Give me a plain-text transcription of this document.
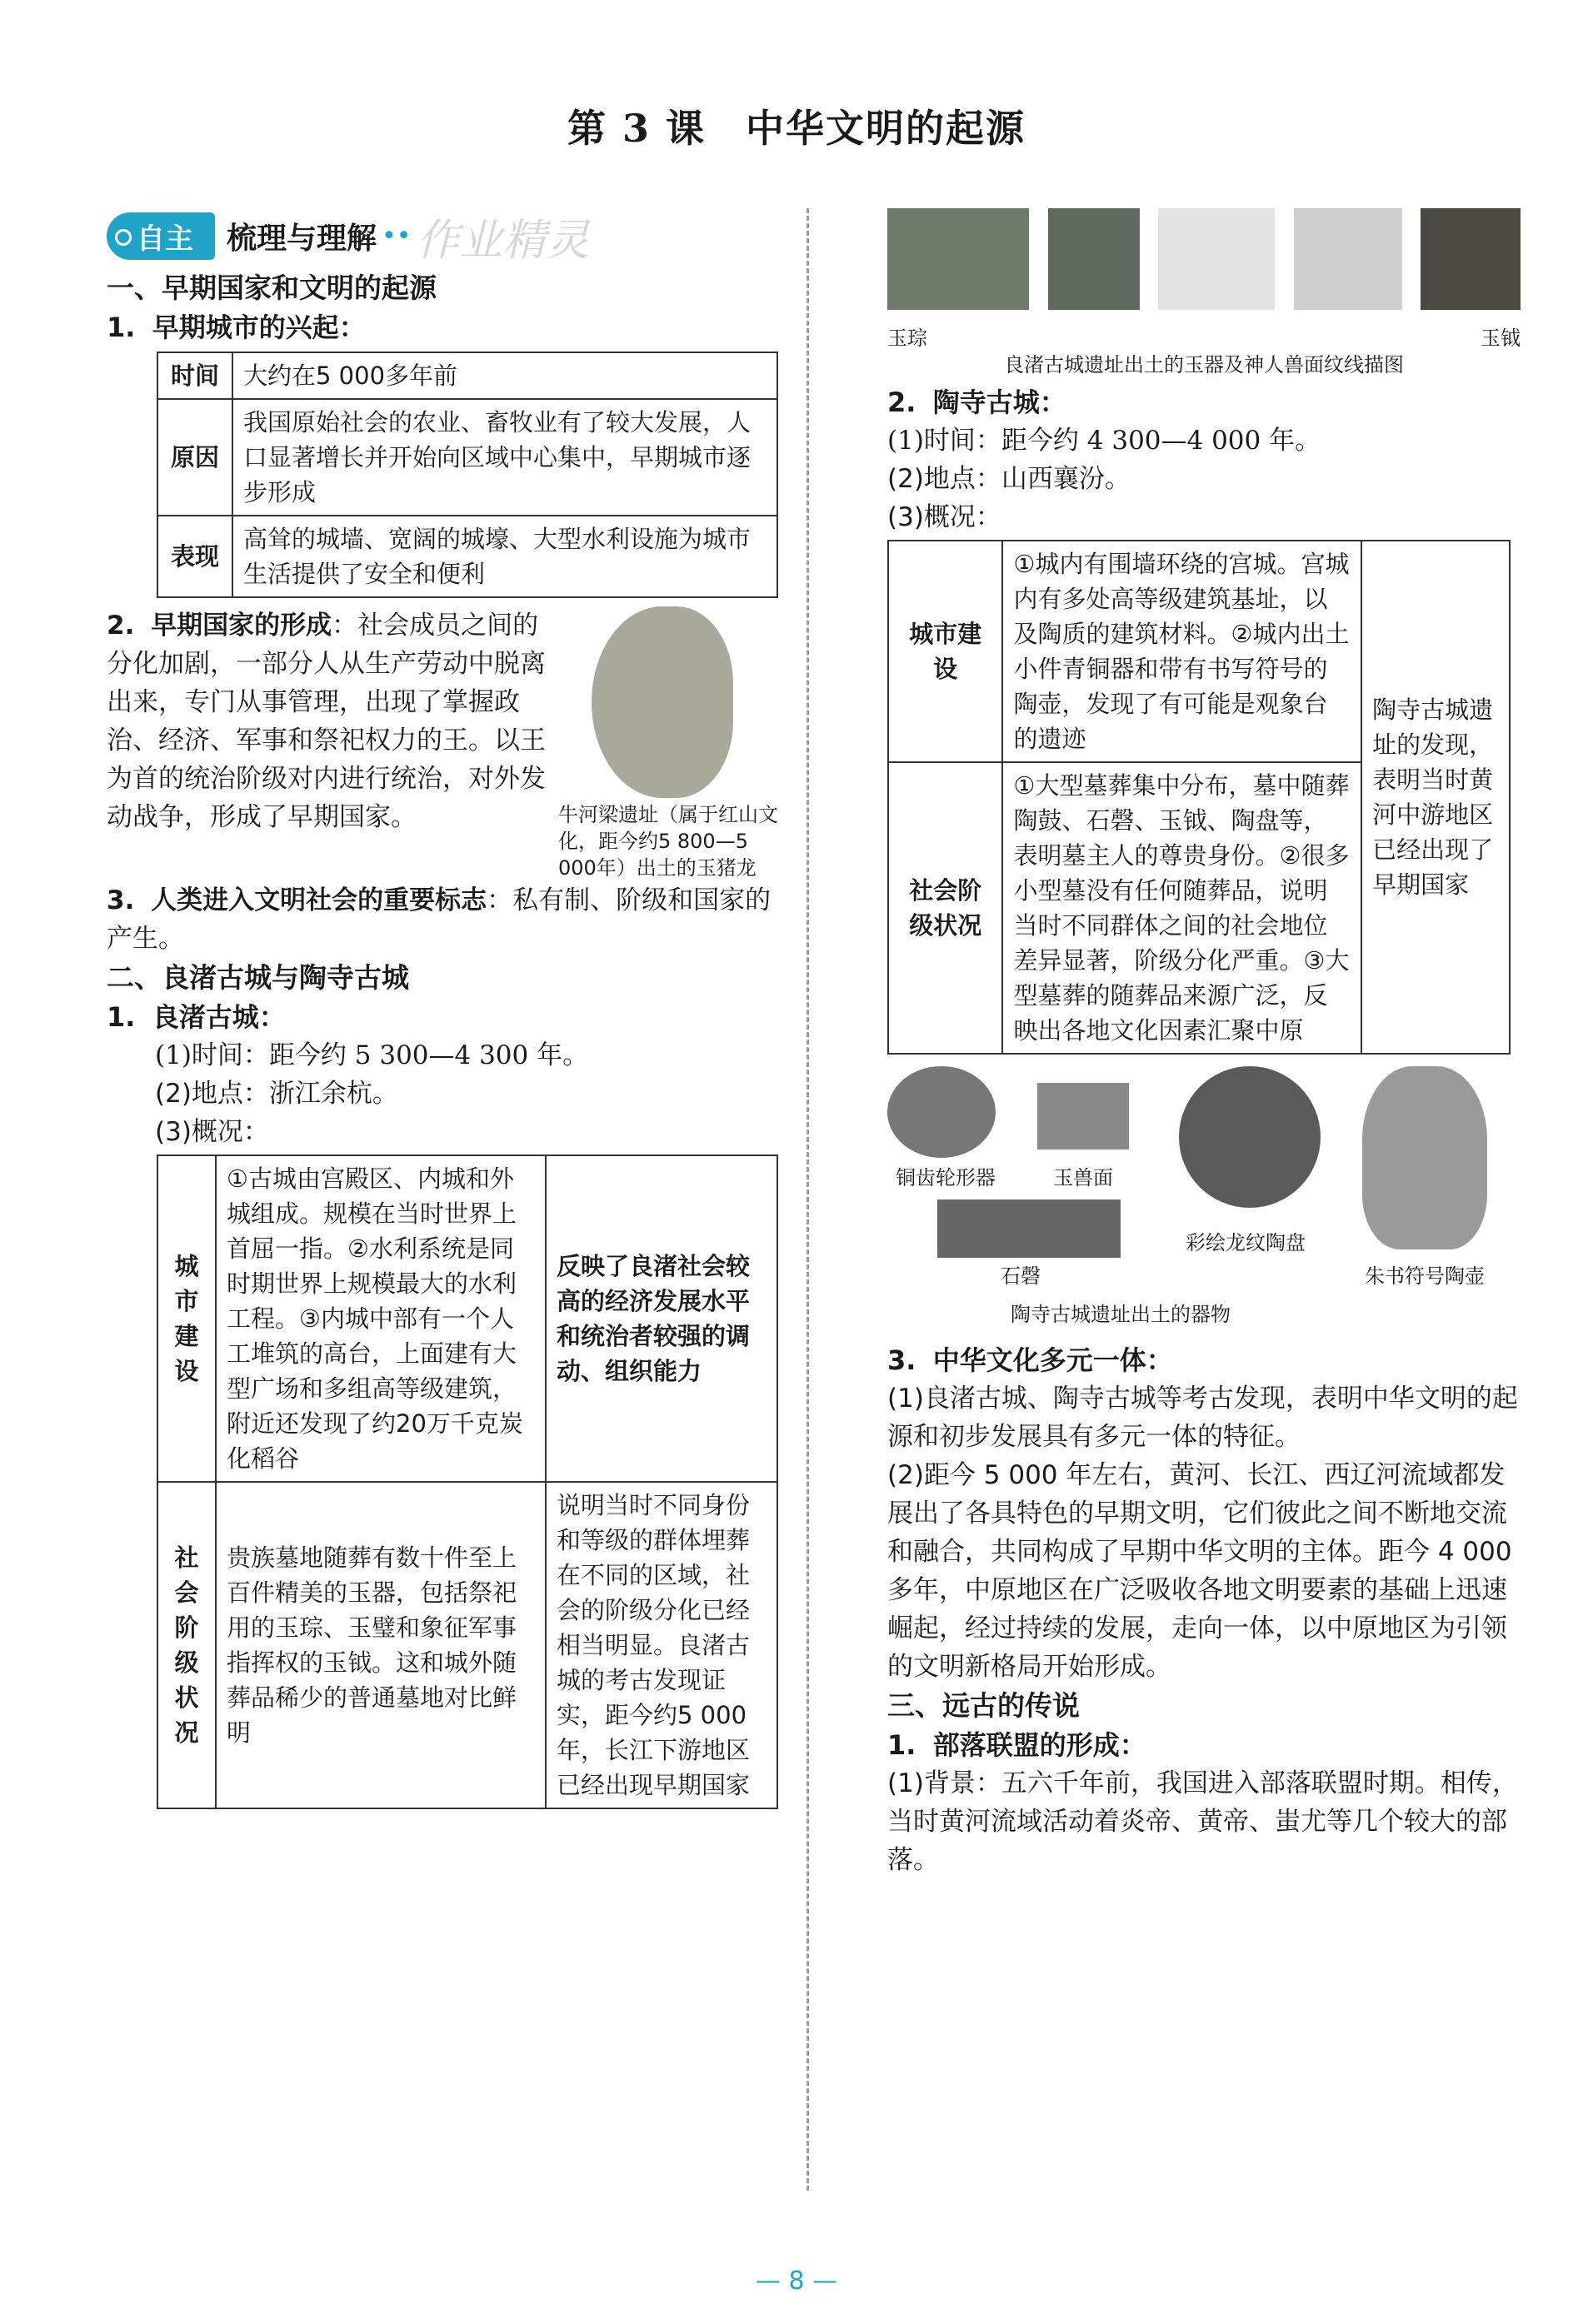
第 3 课　中华文明的起源
自主	梳理与理解 •• 作业精灵
一、早期国家和文明的起源
1. 早期城市的兴起：
时间	大约在5 000多年前
原因	我国原始社会的农业、畜牧业有了较大发展，人口显著增长并开始向区域中心集中，早期城市逐步形成
表现	高耸的城墙、宽阔的城壕、大型水利设施为城市生活提供了安全和便利
2. 早期国家的形成：社会成员之间的分化加剧，一部分人从生产劳动中脱离出来，专门从事管理，出现了掌握政治、经济、军事和祭祀权力的王。以王为首的统治阶级对内进行统治，对外发动战争，形成了早期国家。	牛河梁遗址（属于红山文化，距今约5 800—5 000年）出土的玉猪龙
3. 人类进入文明社会的重要标志：私有制、阶级和国家的产生。
二、良渚古城与陶寺古城
1. 良渚古城：
(1)时间：距今约 5 300—4 300 年。
(2)地点：浙江余杭。
(3)概况：
城市建设	①古城由宫殿区、内城和外城组成。规模在当时世界上首屈一指。②水利系统是同时期世界上规模最大的水利工程。③内城中部有一个人工堆筑的高台，上面建有大型广场和多组高等级建筑，附近还发现了约20万千克炭化稻谷	反映了良渚社会较高的经济发展水平和统治者较强的调动、组织能力
社会阶级状况	贵族墓地随葬有数十件至上百件精美的玉器，包括祭祀用的玉琮、玉璧和象征军事指挥权的玉钺。这和城外随葬品稀少的普通墓地对比鲜明	说明当时不同身份和等级的群体埋葬在不同的区域，社会的阶级分化已经相当明显。良渚古城的考古发现证实，距今约5 000年，长江下游地区已经出现早期国家
玉琮	玉钺
良渚古城遗址出土的玉器及神人兽面纹线描图
2. 陶寺古城：
(1)时间：距今约 4 300—4 000 年。
(2)地点：山西襄汾。
(3)概况：
城市建设	①城内有围墙环绕的宫城。宫城内有多处高等级建筑基址，以及陶质的建筑材料。②城内出土小件青铜器和带有书写符号的陶壶，发现了有可能是观象台的遗迹	陶寺古城遗址的发现，表明当时黄河中游地区已经出现了早期国家
社会阶级状况	①大型墓葬集中分布，墓中随葬陶鼓、石磬、玉钺、陶盘等，表明墓主人的尊贵身份。②很多小型墓没有任何随葬品，说明当时不同群体之间的社会地位差异显著，阶级分化严重。③大型墓葬的随葬品来源广泛，反映出各地文化因素汇聚中原	
铜齿轮形器	玉兽面
彩绘龙纹陶盘
石磬	朱书符号陶壶
陶寺古城遗址出土的器物
3. 中华文化多元一体：
(1)良渚古城、陶寺古城等考古发现，表明中华文明的起源和初步发展具有多元一体的特征。
(2)距今 5 000 年左右，黄河、长江、西辽河流域都发展出了各具特色的早期文明，它们彼此之间不断地交流和融合，共同构成了早期中华文明的主体。距今 4 000 多年，中原地区在广泛吸收各地文明要素的基础上迅速崛起，经过持续的发展，走向一体，以中原地区为引领的文明新格局开始形成。
三、远古的传说
1. 部落联盟的形成：
(1)背景：五六千年前，我国进入部落联盟时期。相传，当时黄河流域活动着炎帝、黄帝、蚩尤等几个较大的部落。
— 8 —
